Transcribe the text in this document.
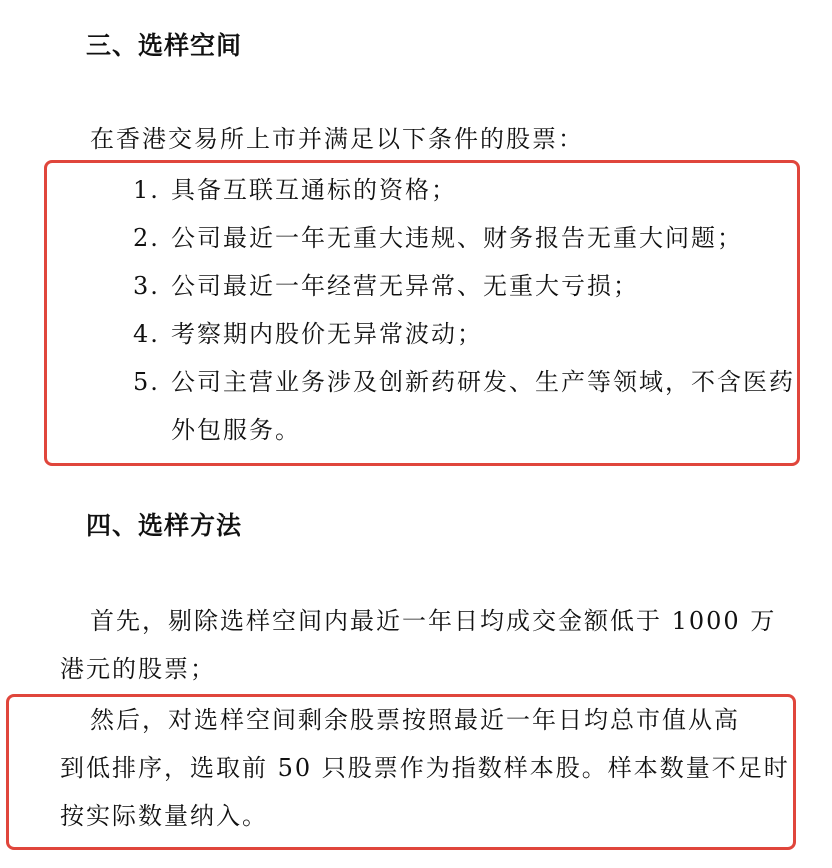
三、选样空间
在香港交易所上市并满足以下条件的股票：
1. 具备互联互通标的资格；
2. 公司最近一年无重大违规、财务报告无重大问题；
3. 公司最近一年经营无异常、无重大亏损；
4. 考察期内股价无异常波动；
5. 公司主营业务涉及创新药研发、生产等领域，不含医药
外包服务。
四、选样方法
首先，剔除选样空间内最近一年日均成交金额低于 1000 万
港元的股票；
然后，对选样空间剩余股票按照最近一年日均总市值从高
到低排序，选取前 50 只股票作为指数样本股。样本数量不足时
按实际数量纳入。
